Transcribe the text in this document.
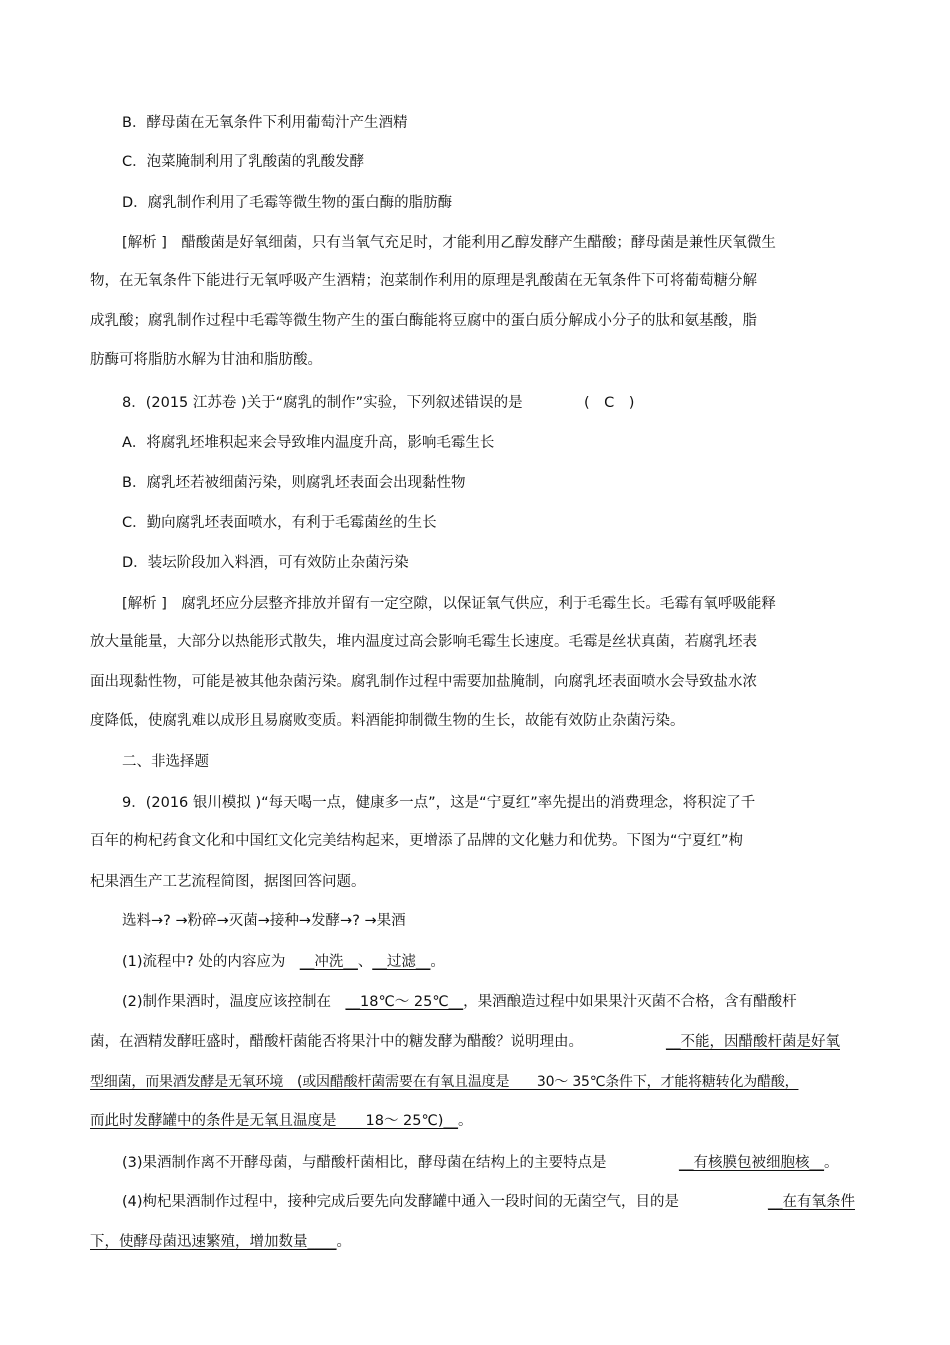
B．酵母菌在无氧条件下利用葡萄汁产生酒精
C．泡菜腌制利用了乳酸菌的乳酸发酵
D．腐乳制作利用了毛霉等微生物的蛋白酶的脂肪酶
[解析 ]　醋酸菌是好氧细菌，只有当氧气充足时，才能利用乙醇发酵产生醋酸；酵母菌是兼性厌氧微生
物，在无氧条件下能进行无氧呼吸产生酒精；泡菜制作利用的原理是乳酸菌在无氧条件下可将葡萄糖分解
成乳酸；腐乳制作过程中毛霉等微生物产生的蛋白酶能将豆腐中的蛋白质分解成小分子的肽和氨基酸，脂
肪酶可将脂肪水解为甘油和脂肪酸。
8．(2015 江苏卷 )关于“腐乳的制作”实验，下列叙述错误的是	(　C　)
A．将腐乳坯堆积起来会导致堆内温度升高，影响毛霉生长
B．腐乳坯若被细菌污染，则腐乳坯表面会出现黏性物
C．勤向腐乳坯表面喷水，有利于毛霉菌丝的生长
D．装坛阶段加入料酒，可有效防止杂菌污染
[解析 ]　腐乳坯应分层整齐排放并留有一定空隙，以保证氧气供应，利于毛霉生长。毛霉有氧呼吸能释
放大量能量，大部分以热能形式散失，堆内温度过高会影响毛霉生长速度。毛霉是丝状真菌，若腐乳坯表
面出现黏性物，可能是被其他杂菌污染。腐乳制作过程中需要加盐腌制，向腐乳坯表面喷水会导致盐水浓
度降低，使腐乳难以成形且易腐败变质。料酒能抑制微生物的生长，故能有效防止杂菌污染。
二、非选择题
9．(2016 银川模拟 )“每天喝一点，健康多一点”，这是“宁夏红”率先提出的消费理念，将积淀了千
百年的枸杞药食文化和中国红文化完美结构起来，更增添了品牌的文化魅力和优势。下图为“宁夏红”枸
杞果酒生产工艺流程简图，据图回答问题。
选料→? →粉碎→灭菌→接种→发酵→? →果酒
(1)流程中? 处的内容应为　__冲洗__、__过滤__。
(2)制作果酒时，温度应该控制在　__18℃～ 25℃__，果酒酿造过程中如果果汁灭菌不合格，含有醋酸杆
菌，在酒精发酵旺盛时，醋酸杆菌能否将果汁中的糖发酵为醋酸？说明理由。	__不能，因醋酸杆菌是好氧
型细菌，而果酒发酵是无氧环境　(或因醋酸杆菌需要在有氧且温度是　　30～ 35℃条件下，才能将糖转化为醋酸，
而此时发酵罐中的条件是无氧且温度是　　18～ 25℃)__。
(3)果酒制作离不开酵母菌，与醋酸杆菌相比，酵母菌在结构上的主要特点是	__有核膜包被细胞核__。
(4)枸杞果酒制作过程中，接种完成后要先向发酵罐中通入一段时间的无菌空气，目的是	__在有氧条件
下，使酵母菌迅速繁殖，增加数量____。
